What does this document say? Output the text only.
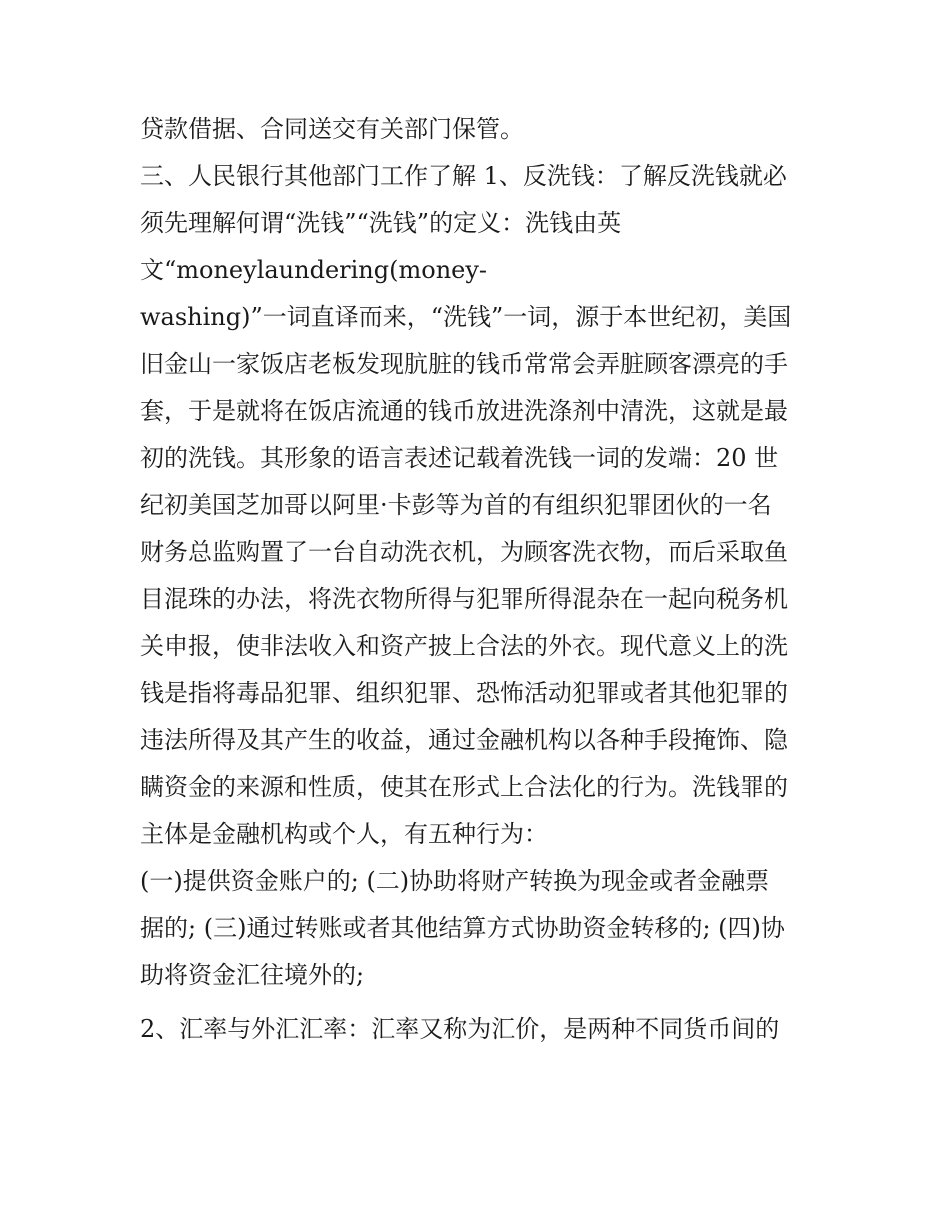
贷款借据、合同送交有关部门保管。
三、人民银行其他部门工作了解 1、反洗钱：了解反洗钱就必
须先理解何谓“洗钱”“洗钱”的定义：洗钱由英
文“moneylaundering(money-
washing)”一词直译而来，“洗钱”一词，源于本世纪初，美国
旧金山一家饭店老板发现肮脏的钱币常常会弄脏顾客漂亮的手
套，于是就将在饭店流通的钱币放进洗涤剂中清洗，这就是最
初的洗钱。其形象的语言表述记载着洗钱一词的发端：20 世
纪初美国芝加哥以阿里·卡彭等为首的有组织犯罪团伙的一名
财务总监购置了一台自动洗衣机，为顾客洗衣物，而后采取鱼
目混珠的办法，将洗衣物所得与犯罪所得混杂在一起向税务机
关申报，使非法收入和资产披上合法的外衣。现代意义上的洗
钱是指将毒品犯罪、组织犯罪、恐怖活动犯罪或者其他犯罪的
违法所得及其产生的收益，通过金融机构以各种手段掩饰、隐
瞒资金的来源和性质，使其在形式上合法化的行为。洗钱罪的
主体是金融机构或个人，有五种行为：
(一)提供资金账户的; (二)协助将财产转换为现金或者金融票
据的; (三)通过转账或者其他结算方式协助资金转移的; (四)协
助将资金汇往境外的;
2、汇率与外汇汇率：汇率又称为汇价，是两种不同货币间的
